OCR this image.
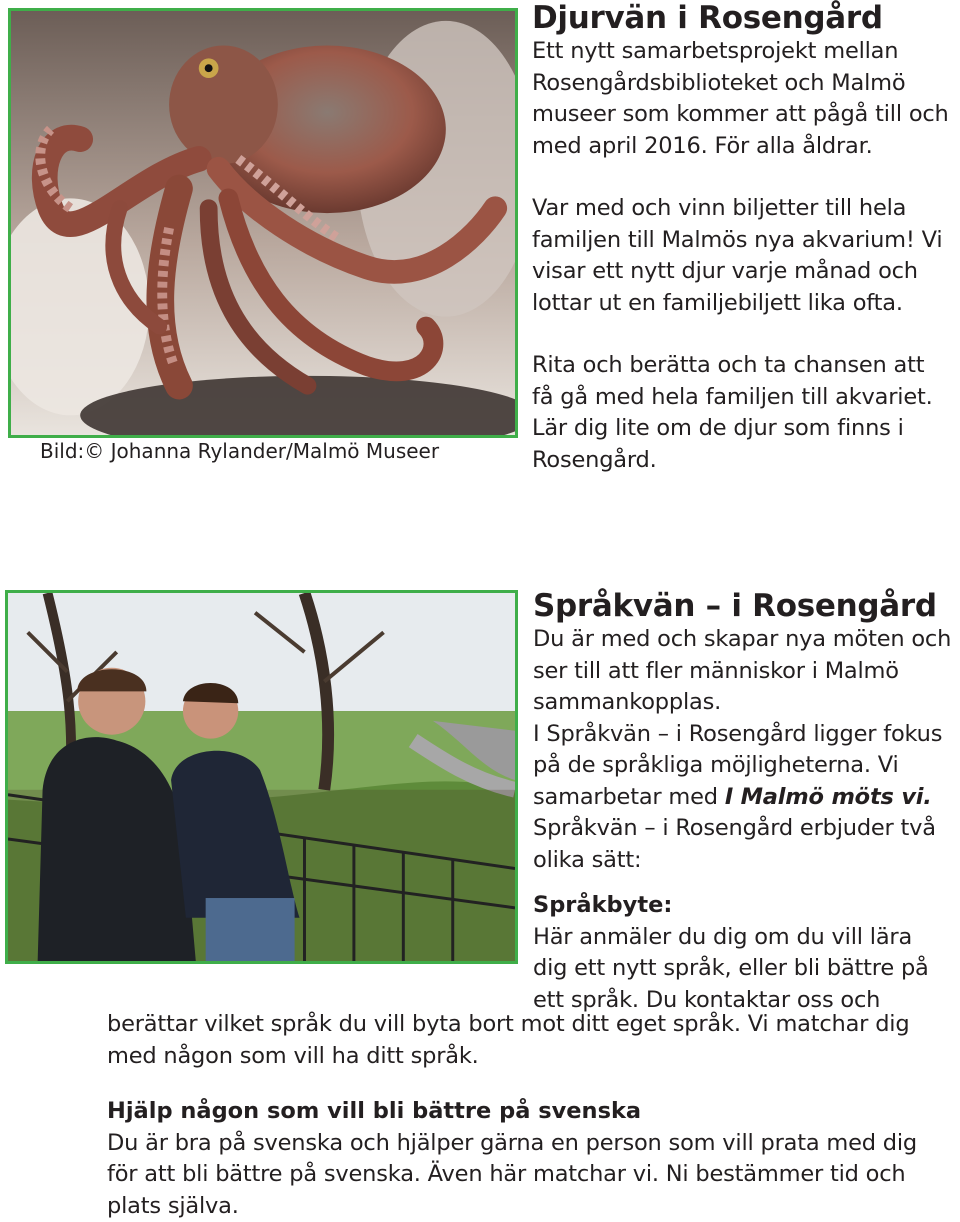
Bild:© Johanna Rylander/Malmö Museer
Djurvän i Rosengård

Ett nytt samarbetsprojekt mellan Rosengårdsbiblioteket och Malmö museer som kommer att pågå till och med april 2016. För alla åldrar.

Var med och vinn biljetter till hela familjen till Malmös nya akvarium! Vi visar ett nytt djur varje månad och lottar ut en familjebiljett lika ofta.

Rita och berätta och ta chansen att få gå med hela familjen till akvariet. Lär dig lite om de djur som finns i Rosengård.

Språkvän – i Rosengård

Du är med och skapar nya möten och ser till att fler människor i Malmö sammankopplas.

I Språkvän – i Rosengård ligger fokus på de språkliga möjligheterna. Vi samarbetar med I Malmö möts vi.

Språkvän – i Rosengård erbjuder två olika sätt:

Språkbyte:

Här anmäler du dig om du vill lära dig ett nytt språk, eller bli bättre på ett språk. Du kontaktar oss och

berättar vilket språk du vill byta bort mot ditt eget språk. Vi matchar dig med någon som vill ha ditt språk.

Hjälp någon som vill bli bättre på svenska

Du är bra på svenska och hjälper gärna en person som vill prata med dig för att bli bättre på svenska. Även här matchar vi. Ni bestämmer tid och plats själva.
